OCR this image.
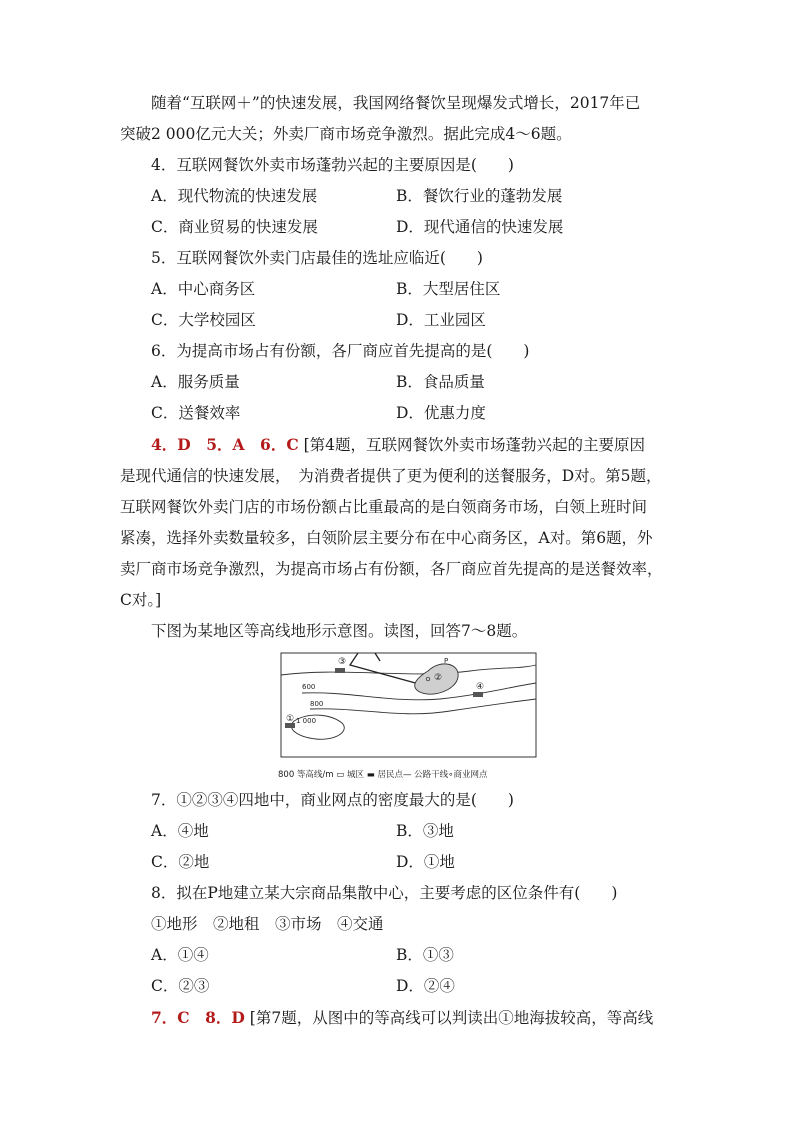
随着“互联网＋”的快速发展，我国网络餐饮呈现爆发式增长，2017年已
突破2 000亿元大关；外卖厂商市场竞争激烈。据此完成4～6题。
4．互联网餐饮外卖市场蓬勃兴起的主要原因是(　　)
A．现代物流的快速发展	B．餐饮行业的蓬勃发展
C．商业贸易的快速发展	D．现代通信的快速发展
5．互联网餐饮外卖门店最佳的选址应临近(　　)
A．中心商务区	B．大型居住区
C．大学校园区	D．工业园区
6．为提高市场占有份额，各厂商应首先提高的是(　　)
A．服务质量	B．食品质量
C．送餐效率	D．优惠力度
4．D　5．A　6．C [第4题，互联网餐饮外卖市场蓬勃兴起的主要原因
是现代通信的快速发展，　为消费者提供了更为便利的送餐服务，D对。第5题，
互联网餐饮外卖门店的市场份额占比重最高的是白领商务市场，白领上班时间
紧凑，选择外卖数量较多，白领阶层主要分布在中心商务区，A对。第6题，外
卖厂商市场竞争激烈，为提高市场占有份额，各厂商应首先提高的是送餐效率，
C对。]
下图为某地区等高线地形示意图。读图，回答7～8题。
③
②
④
①
P
600
800
1 000
800 等高线/m ▭ 城区 ▬ 居民点— 公路干线∘商业网点
7．①②③④四地中，商业网点的密度最大的是(　　)
A．④地	B．③地
C．②地	D．①地
8．拟在P地建立某大宗商品集散中心，主要考虑的区位条件有(　　)
①地形　②地租　③市场　④交通
A．①④	B．①③
C．②③	D．②④
7．C　8．D [第7题，从图中的等高线可以判读出①地海拔较高，等高线
